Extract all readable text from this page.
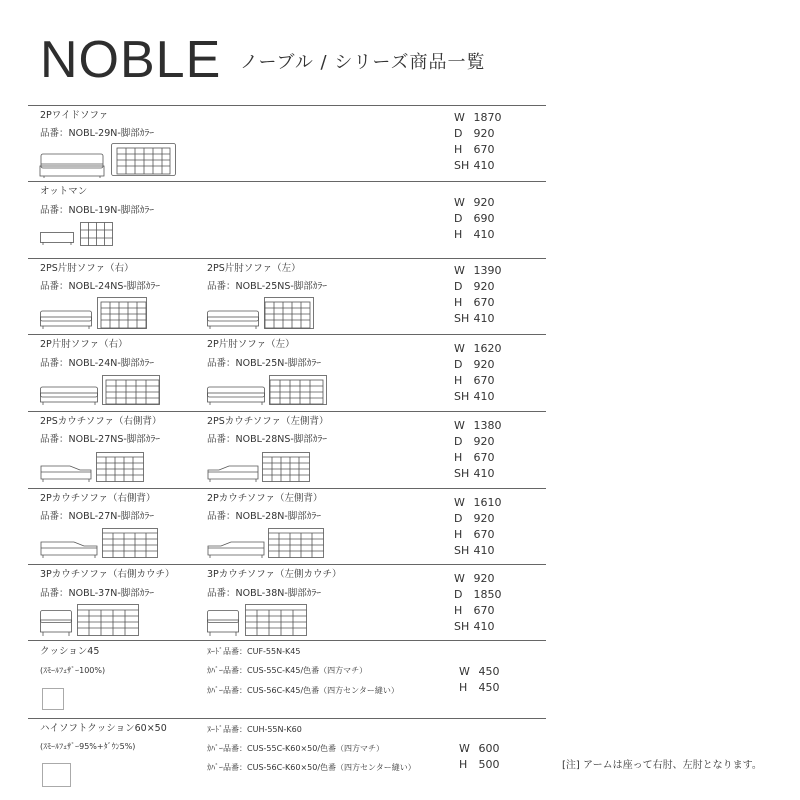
NOBLE ノーブル / シリーズ商品一覧
2Pワイドソファ
品番：NOBL-29N-脚部ｶﾗｰ
W 1870
D 920
H 670
SH 410
オットマン
品番：NOBL-19N-脚部ｶﾗｰ
W 920
D 690
H 410
2PS片肘ソファ（右）
品番：NOBL-24NS-脚部ｶﾗｰ
2PS片肘ソファ（左）
品番：NOBL-25NS-脚部ｶﾗｰ
W 1390
D 920
H 670
SH 410
2P片肘ソファ（右）
品番：NOBL-24N-脚部ｶﾗｰ
2P片肘ソファ（左）
品番：NOBL-25N-脚部ｶﾗｰ
W 1620
D 920
H 670
SH 410
2PSカウチソファ（右側背）
品番：NOBL-27NS-脚部ｶﾗｰ
2PSカウチソファ（左側背）
品番：NOBL-28NS-脚部ｶﾗｰ
W 1380
D 920
H 670
SH 410
2Pカウチソファ（右側背）
品番：NOBL-27N-脚部ｶﾗｰ
2Pカウチソファ（左側背）
品番：NOBL-28N-脚部ｶﾗｰ
W 1610
D 920
H 670
SH 410
3Pカウチソファ（右側カウチ）
品番：NOBL-37N-脚部ｶﾗｰ
3Pカウチソファ（左側カウチ）
品番：NOBL-38N-脚部ｶﾗｰ
W 920
D 1850
H 670
SH 410
クッション45
(ｽﾓｰﾙﾌｪｻﾞｰ100%)
ﾇｰﾄﾞ品番：CUF-55N-K45
ｶﾊﾞｰ品番：CUS-55C-K45/色番（四方マチ）
ｶﾊﾞｰ品番：CUS-56C-K45/色番（四方センター縫い）
W 450
H 450
ハイソフトクッション60×50
(ｽﾓｰﾙﾌｪｻﾞｰ95%+ﾀﾞｳﾝ5%)
ﾇｰﾄﾞ品番：CUH-55N-K60
ｶﾊﾞｰ品番：CUS-55C-K60×50/色番（四方マチ）
ｶﾊﾞｰ品番：CUS-56C-K60×50/色番（四方センター縫い）
W 600
H 500	[注] アームは座って右肘、左肘となります。
